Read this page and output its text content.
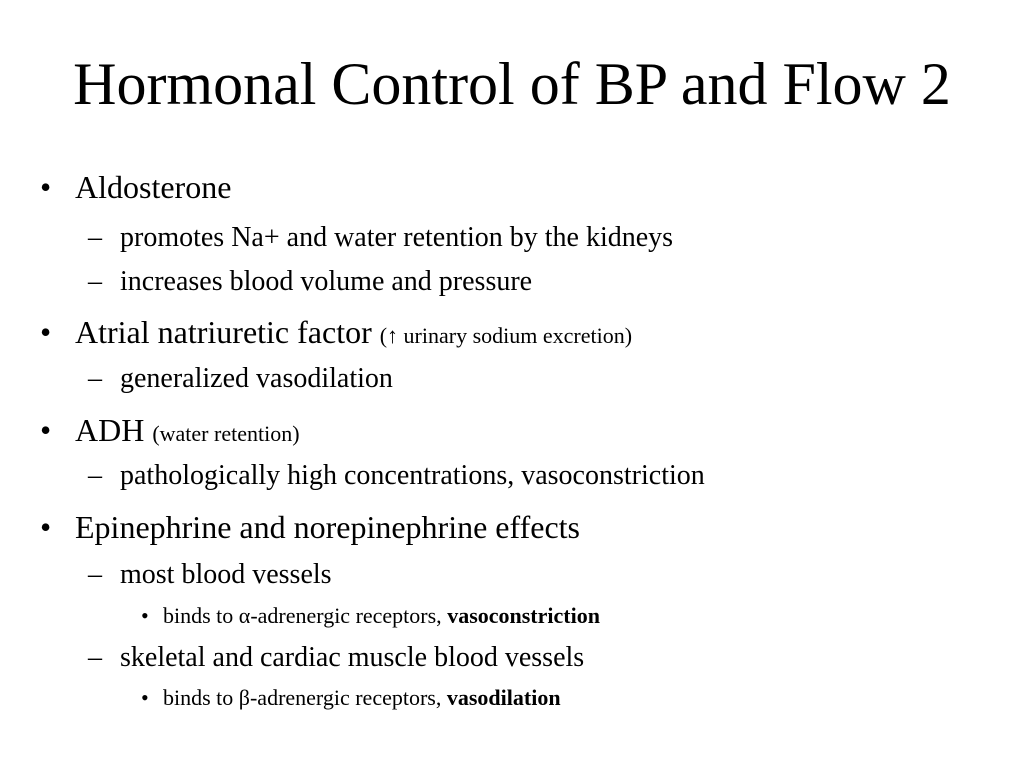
Hormonal Control of BP and Flow 2
• Aldosterone
– promotes Na+ and water retention by the kidneys
– increases blood volume and pressure
• Atrial natriuretic factor (↑ urinary sodium excretion)
– generalized vasodilation
• ADH (water retention)
– pathologically high concentrations, vasoconstriction
• Epinephrine and norepinephrine effects
– most blood vessels
• binds to α-adrenergic receptors, vasoconstriction
– skeletal and cardiac muscle blood vessels
• binds to β-adrenergic receptors, vasodilation
